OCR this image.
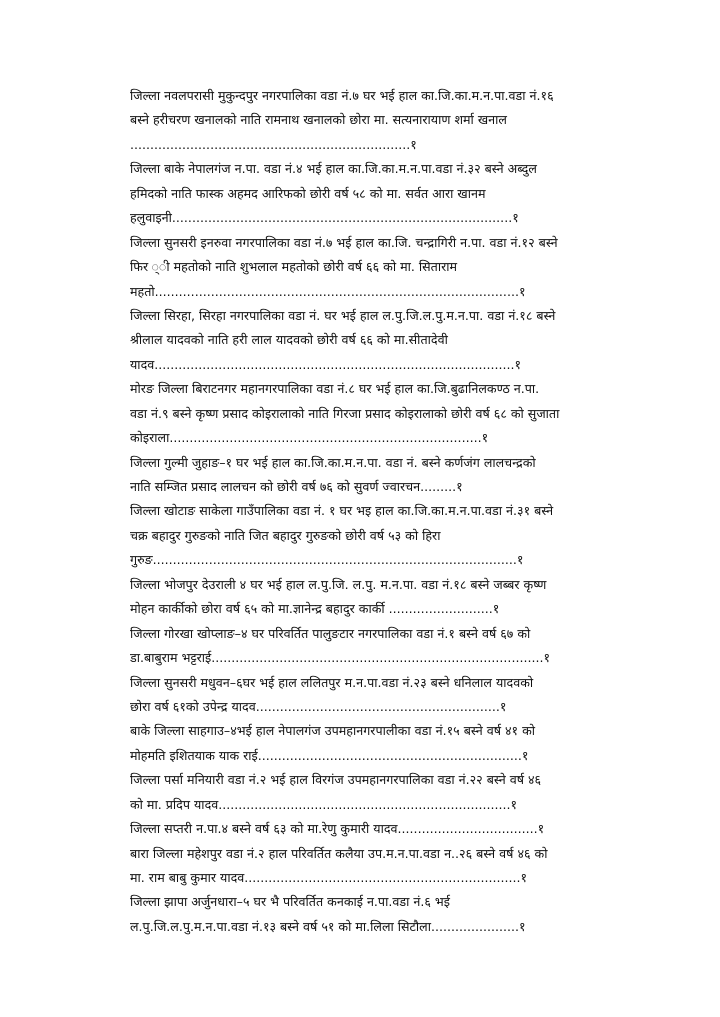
जिल्ला नवलपरासी मुकुन्दपुर नगरपालिका वडा नं.७ घर भई हाल का.जि.का.म.न.पा.वडा नं.१६
बस्ने हरीचरण खनालको नाति रामनाथ खनालको छोरा मा. सत्यनारायाण शर्मा खनाल
......................................................................१
जिल्ला बाके नेपालगंज न.पा. वडा नं.४ भई हाल का.जि.का.म.न.पा.वडा नं.३२ बस्ने अब्दुल
हमिदको नाति फास्क अहमद आरिफको छोरी वर्ष ५८ को मा. सर्वत आरा खानम
हलुवाइनी.....................................................................................१
जिल्ला सुनसरी इनरुवा नगरपालिका वडा नं.७ भई हाल का.जि. चन्द्रागिरी न.पा. वडा नं.१२ बस्ने
फिर ्ी महतोको नाति शुभलाल महतोको छोरी वर्ष ६६ को मा. सिताराम
महतो...........................................................................................१
जिल्ला सिरहा, सिरहा नगरपालिका वडा नं. घर भई हाल ल.पु.जि.ल.पु.म.न.पा. वडा नं.१८ बस्ने
श्रीलाल यादवको नाति हरी लाल यादवको छोरी वर्ष ६६ को मा.सीतादेवी
यादव..........................................................................................१
मोरङ जिल्ला बिराटनगर महानगरपालिका वडा नं.८ घर भई हाल का.जि.बुढानिलकण्ठ न.पा.
वडा नं.९ बस्ने कृष्ण प्रसाद कोइरालाको नाति गिरजा प्रसाद कोइरालाको छोरी वर्ष ६८ को सुजाता
कोइराला..............................................................................१
जिल्ला गुल्मी जुहाङ–१ घर भई हाल का.जि.का.म.न.पा. वडा नं. बस्ने कर्णजंग लालचन्द्रको
नाति सम्जित प्रसाद लालचन को छोरी वर्ष ७६ को सुवर्ण ज्वारचन.........१
जिल्ला खोटाङ साकेला गाउँपालिका वडा नं. १ घर भइ हाल का.जि.का.म.न.पा.वडा नं.३१ बस्ने
चक्र बहादुर गुरुङको नाति जित बहादुर गुरुङको छोरी वर्ष ५३ को हिरा
गुरुङ...........................................................................................१
जिल्ला भोजपुर देउराली ४ घर भई हाल ल.पु.जि. ल.पु. म.न.पा. वडा नं.१८ बस्ने जब्बर कृष्ण
मोहन कार्कीको छोरा वर्ष ६५ को मा.ज्ञानेन्द्र बहादुर कार्की ..........................१
जिल्ला गोरखा खोप्लाङ–४ घर परिवर्तित पालुङटार नगरपालिका वडा नं.१ बस्ने वर्ष ६७ को
डा.बाबुराम भट्टराई...................................................................................१
जिल्ला सुनसरी मधुवन–६घर भई हाल ललितपुर म.न.पा.वडा नं.२३ बस्ने धनिलाल यादवको
छोरा वर्ष ६१को उपेन्द्र यादव.............................................................१
बाके जिल्ला साहगाउ–४भई हाल नेपालगंज उपमहानगरपालीका वडा नं.१५ बस्ने वर्ष ४१ को
मोहमति इशितयाक याक राई..................................................................१
जिल्ला पर्सा मनियारी वडा नं.२ भई हाल विरगंज उपमहानगरपालिका वडा नं.२२ बस्ने वर्ष ४६
को मा. प्रदिप यादव.........................................................................१
जिल्ला सप्तरी न.पा.४ बस्ने वर्ष ६३ को मा.रेणु कुमारी यादव...................................१
बारा जिल्ला महेशपुर वडा नं.२ हाल परिवर्तित कलैया उप.म.न.पा.वडा न..२६ बस्ने वर्ष ४६ को
मा. राम बाबु कुमार यादव.....................................................................१
जिल्ला झापा अर्जुनधारा–५ घर भै परिवर्तित कनकाई न.पा.वडा नं.६ भई
ल.पु.जि.ल.पु.म.न.पा.वडा नं.१३ बस्ने वर्ष ५१ को मा.लिला सिटौला......................१
